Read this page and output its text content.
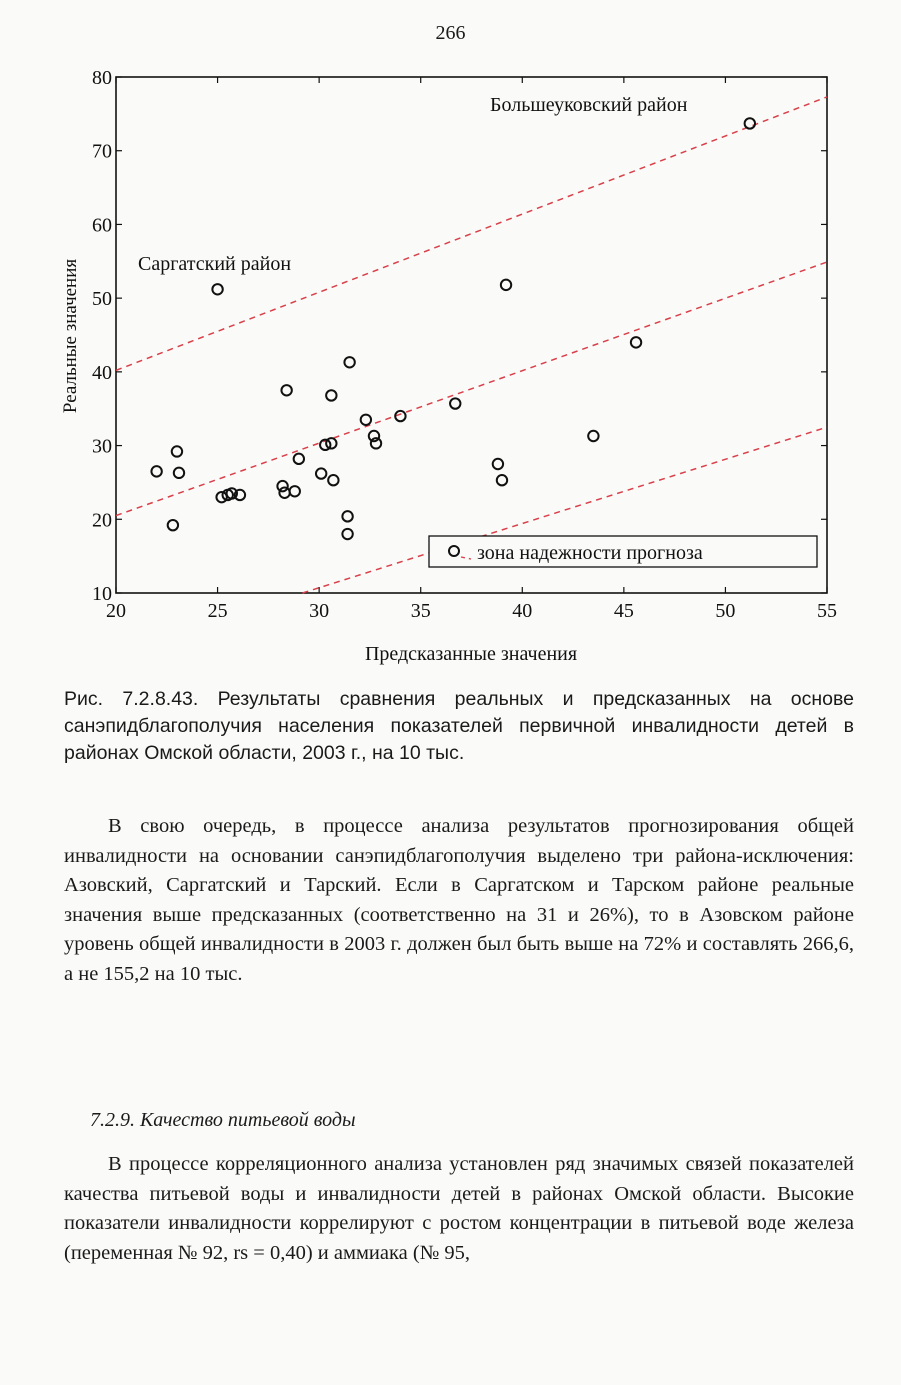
266
20	25	30	35	40	45	50	55
10
20
30
40
50
60
70
80
Большеуковский район
Саргатский район
зона надежности прогноза
Предсказанные значения
Реальные значения
Рис. 7.2.8.43. Результаты сравнения реальных и предсказанных на основе санэпидблагополучия населения показателей первичной инвалидности детей в районах Омской области, 2003 г., на 10 тыс.

В свою очередь, в процессе анализа результатов прогнозирования общей инвалидности на основании санэпидблагополучия выделено три района-исключения: Азовский, Саргатский и Тарский. Если в Саргатском и Тарском районе реальные значения выше предсказанных (соответственно на 31 и 26%), то в Азовском районе уровень общей инвалидности в 2003 г. должен был быть выше на 72% и составлять 266,6, а не 155,2 на 10 тыс.

7.2.9. Качество питьевой воды

В процессе корреляционного анализа установлен ряд значимых связей показателей качества питьевой воды и инвалидности детей в районах Омской области. Высокие показатели инвалидности коррелируют с ростом концентрации в питьевой воде железа (переменная № 92, rs = 0,40) и аммиака (№ 95,
